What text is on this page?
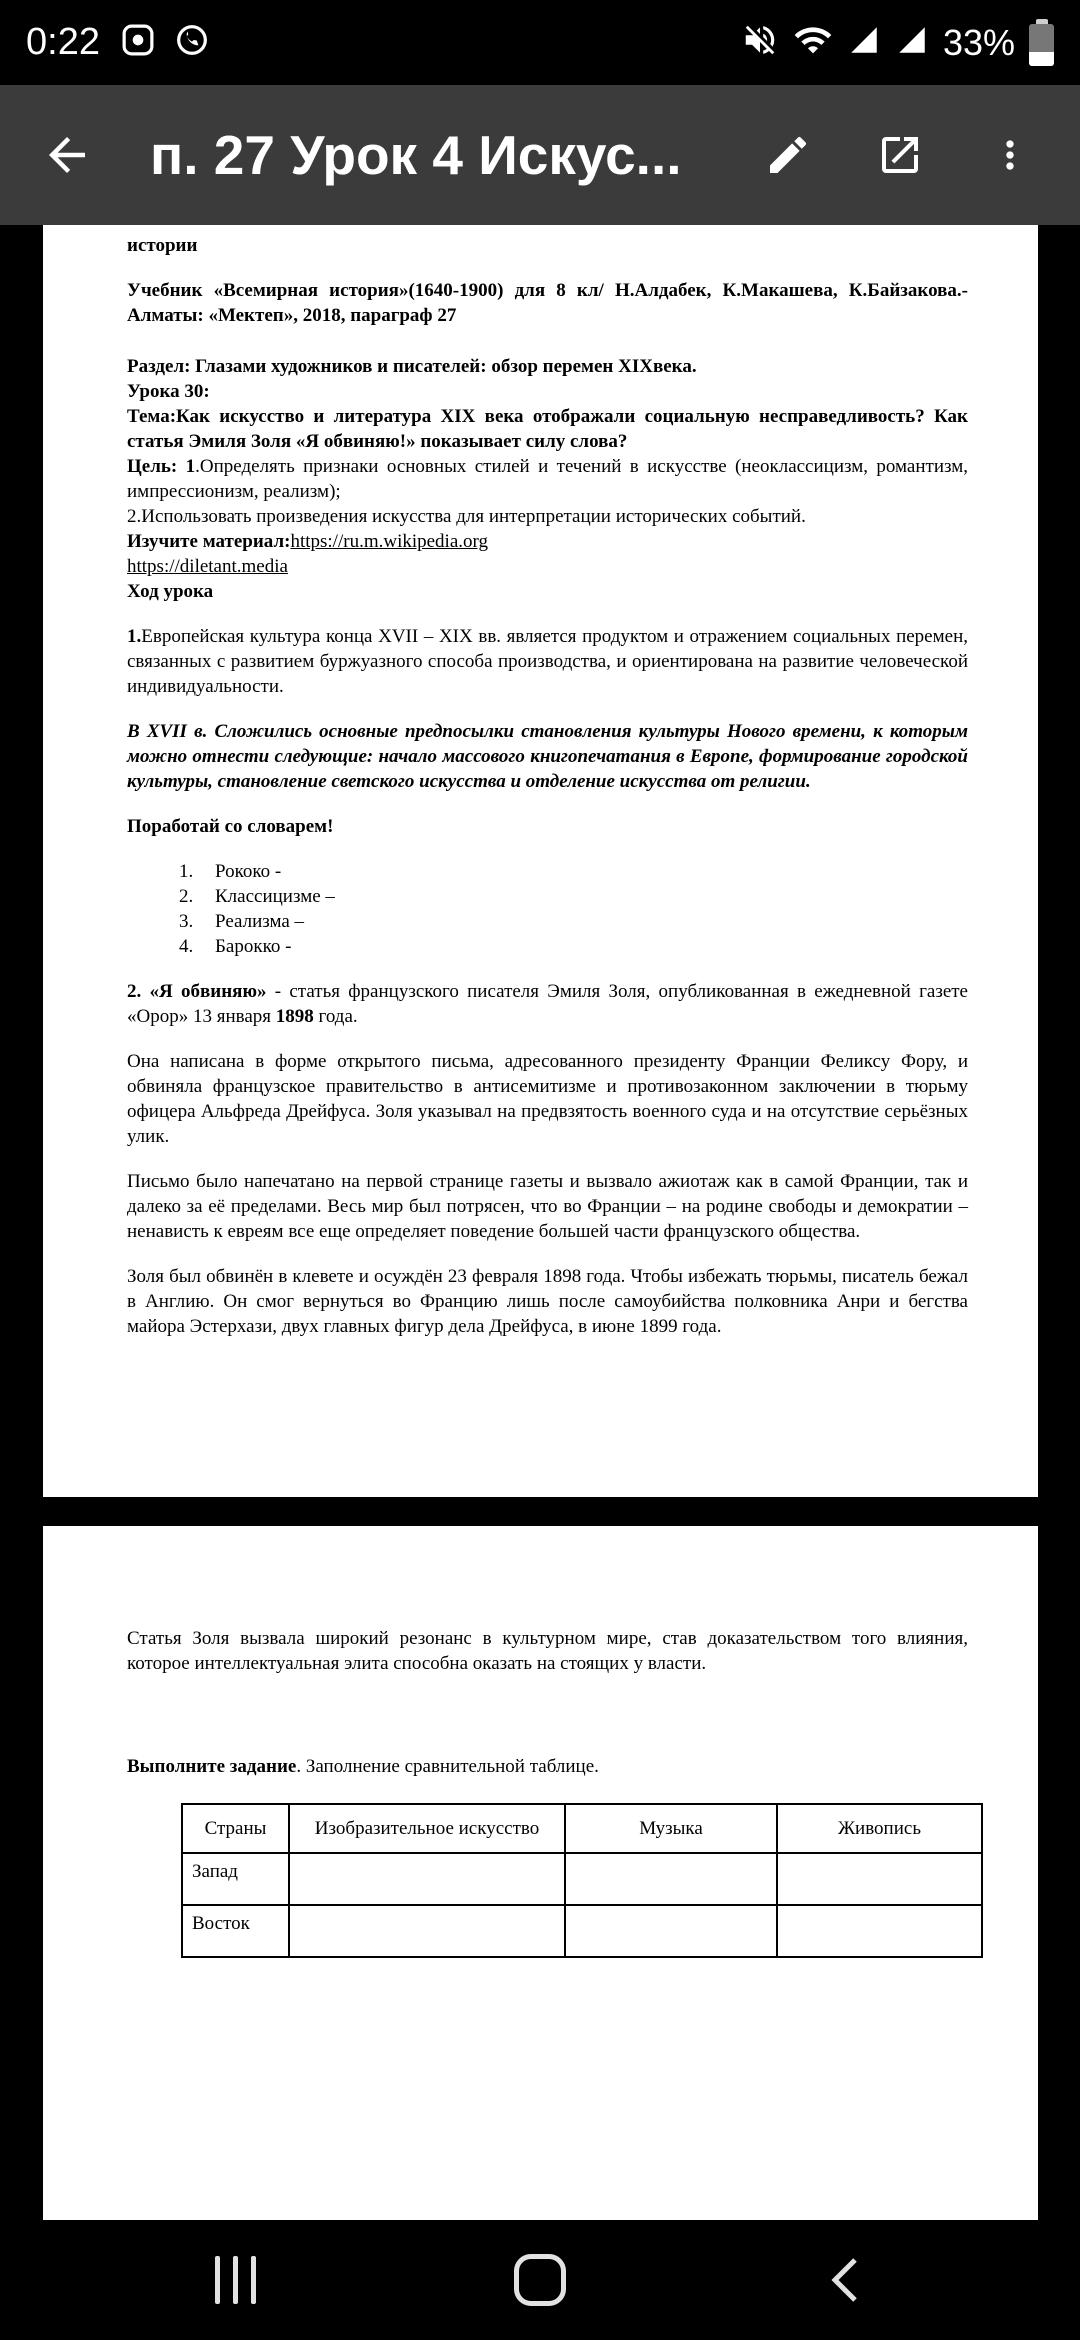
0:22	33%
п. 27 Урок 4 Искус...

истории

Учебник «Всемирная история»(1640-1900) для 8 кл/ Н.Алдабек, К.Макашева, К.Байзакова.-Алматы: «Мектеп», 2018, параграф 27

Раздел: Глазами художников и писателей: обзор перемен XIXвека.

Урока 30:

Тема:Как искусство и литература XIX века отображали социальную несправедливость? Как статья Эмиля Золя «Я обвиняю!» показывает силу слова?

Цель: 1.Определять признаки основных стилей и течений в искусстве (неоклассицизм, романтизм, импрессионизм, реализм);

2.Использовать произведения искусства для интерпретации исторических событий.

Изучите материал:https://ru.m.wikipedia.org

https://diletant.media

Ход урока

1.Европейская культура конца XVII – XIX вв. является продуктом и отражением социальных перемен, связанных с развитием буржуазного способа производства, и ориентирована на развитие человеческой индивидуальности.

В XVII в. Сложились основные предпосылки становления культуры Нового времени, к которым можно отнести следующие: начало массового книгопечатания в Европе, формирование городской культуры, становление светского искусства и отделение искусства от религии.

Поработай со словарем!

1.	Рококо -
2.	Классицизме –
3.	Реализма –
4.	Барокко -

2. «Я обвиняю» - статья французского писателя Эмиля Золя, опубликованная в ежедневной газете «Орор» 13 января 1898 года.

Она написана в форме открытого письма, адресованного президенту Франции Феликсу Фору, и обвиняла французское правительство в антисемитизме и противозаконном заключении в тюрьму офицера Альфреда Дрейфуса. Золя указывал на предвзятость военного суда и на отсутствие серьёзных улик.

Письмо было напечатано на первой странице газеты и вызвало ажиотаж как в самой Франции, так и далеко за её пределами. Весь мир был потрясен, что во Франции – на родине свободы и демократии – ненависть к евреям все еще определяет поведение большей части французского общества.

Золя был обвинён в клевете и осуждён 23 февраля 1898 года. Чтобы избежать тюрьмы, писатель бежал в Англию. Он смог вернуться во Францию лишь после самоубийства полковника Анри и бегства майора Эстерхази, двух главных фигур дела Дрейфуса, в июне 1899 года.

Статья Золя вызвала широкий резонанс в культурном мире, став доказательством того влияния, которое интеллектуальная элита способна оказать на стоящих у власти.

Выполните задание. Заполнение сравнительной таблице.

Страны	Изобразительное искусство	Музыка	Живопись
Запад			
Восток			
